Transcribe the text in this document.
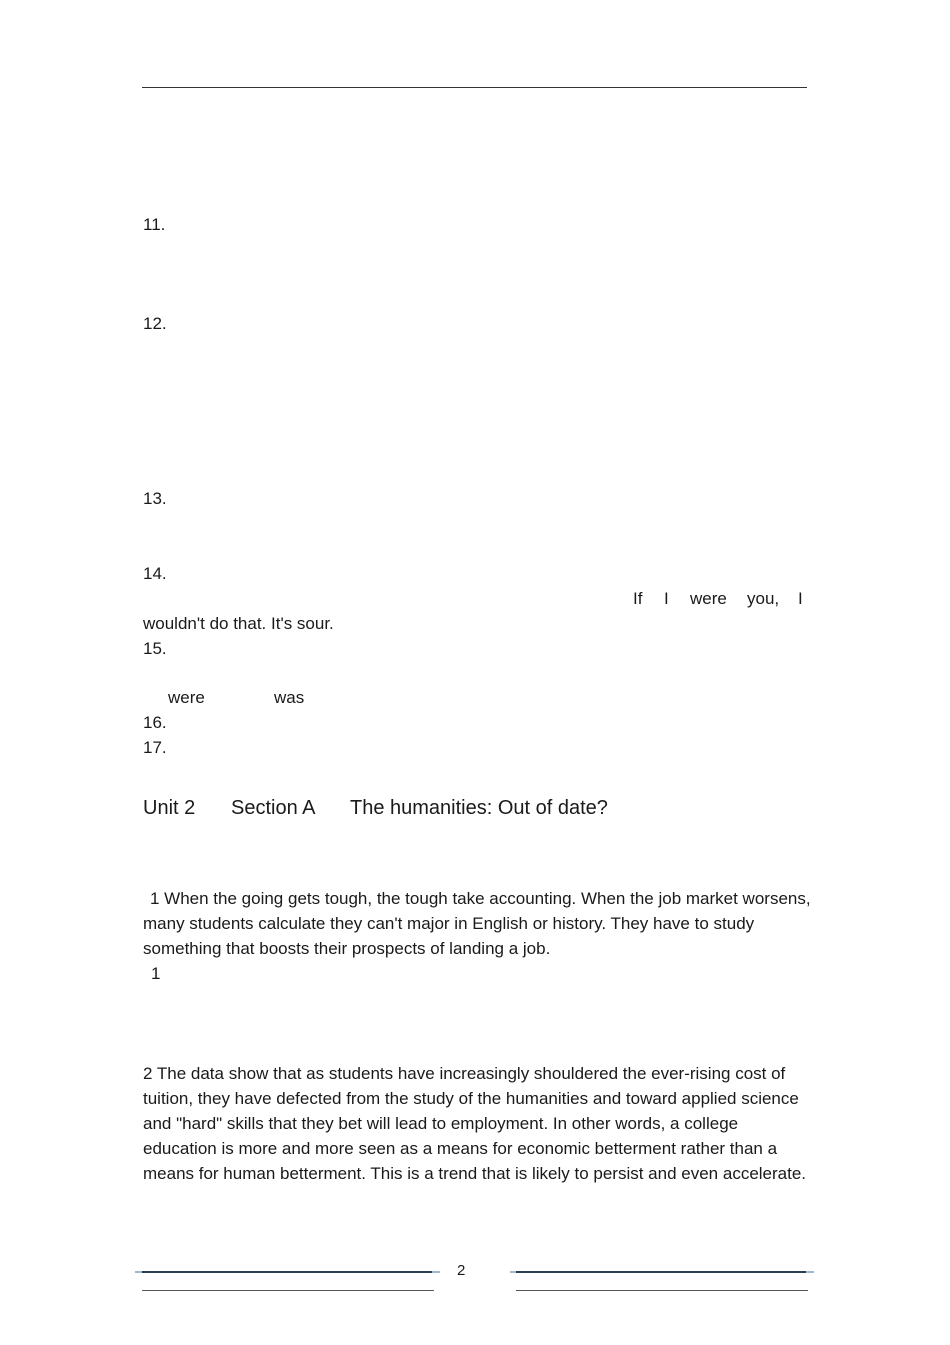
11.
12.
13.
14.
If I were you, I
wouldn't do that. It's sour.
15.
were	was
16.
17.
Unit 2 Section A The humanities: Out of date?
1 When the going gets tough, the tough take accounting. When the job market worsens,
many students calculate they can't major in English or history. They have to study
something that boosts their prospects of landing a job.
1
2 The data show that as students have increasingly shouldered the ever-rising cost of
tuition, they have defected from the study of the humanities and toward applied science
and "hard" skills that they bet will lead to employment. In other words, a college
education is more and more seen as a means for economic betterment rather than a
means for human betterment. This is a trend that is likely to persist and even accelerate.
2
